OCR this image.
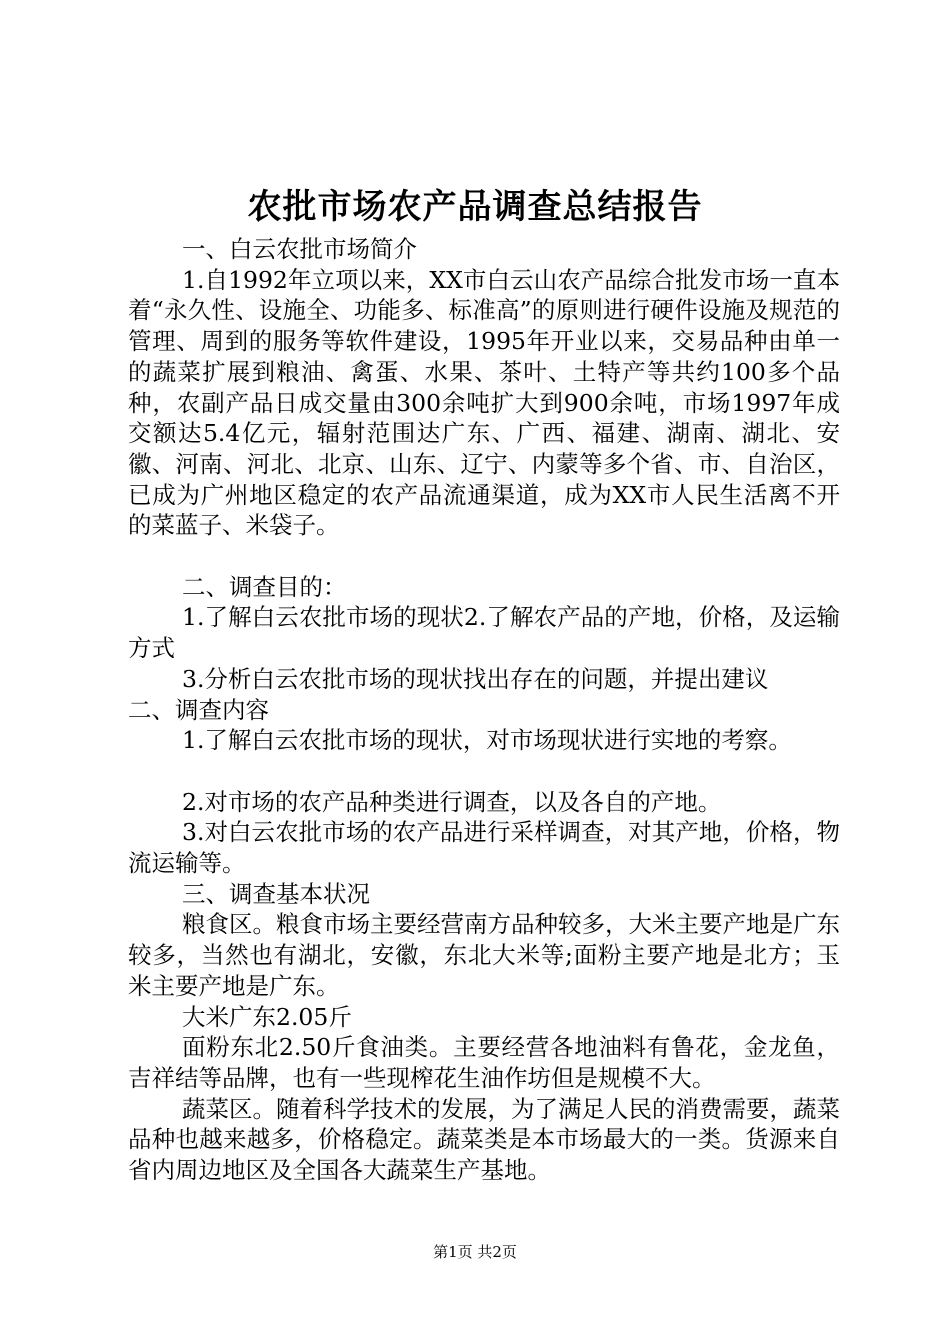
农批市场农产品调查总结报告

一、白云农批市场简介

1.自1992年立项以来，XX市白云山农产品综合批发市场一直本着“永久性、设施全、功能多、标准高”的原则进行硬件设施及规范的管理、周到的服务等软件建设，1995年开业以来，交易品种由单一的蔬菜扩展到粮油、禽蛋、水果、茶叶、土特产等共约100多个品种，农副产品日成交量由300余吨扩大到900余吨，市场1997年成交额达5.4亿元，辐射范围达广东、广西、福建、湖南、湖北、安徽、河南、河北、北京、山东、辽宁、内蒙等多个省、市、自治区，已成为广州地区稳定的农产品流通渠道，成为XX市人民生活离不开的菜蓝子、米袋子。

二、调查目的：

1.了解白云农批市场的现状2.了解农产品的产地，价格，及运输方式

3.分析白云农批市场的现状找出存在的问题，并提出建议

二、调查内容

1.了解白云农批市场的现状，对市场现状进行实地的考察。

2.对市场的农产品种类进行调查，以及各自的产地。

3.对白云农批市场的农产品进行采样调查，对其产地，价格，物流运输等。

三、调查基本状况

粮食区。粮食市场主要经营南方品种较多，大米主要产地是广东较多，当然也有湖北，安徽，东北大米等;面粉主要产地是北方；玉米主要产地是广东。

大米广东2.05斤

面粉东北2.50斤食油类。主要经营各地油料有鲁花，金龙鱼，吉祥结等品牌，也有一些现榨花生油作坊但是规模不大。

蔬菜区。随着科学技术的发展，为了满足人民的消费需要，蔬菜品种也越来越多，价格稳定。蔬菜类是本市场最大的一类。货源来自省内周边地区及全国各大蔬菜生产基地。

第1页 共2页
